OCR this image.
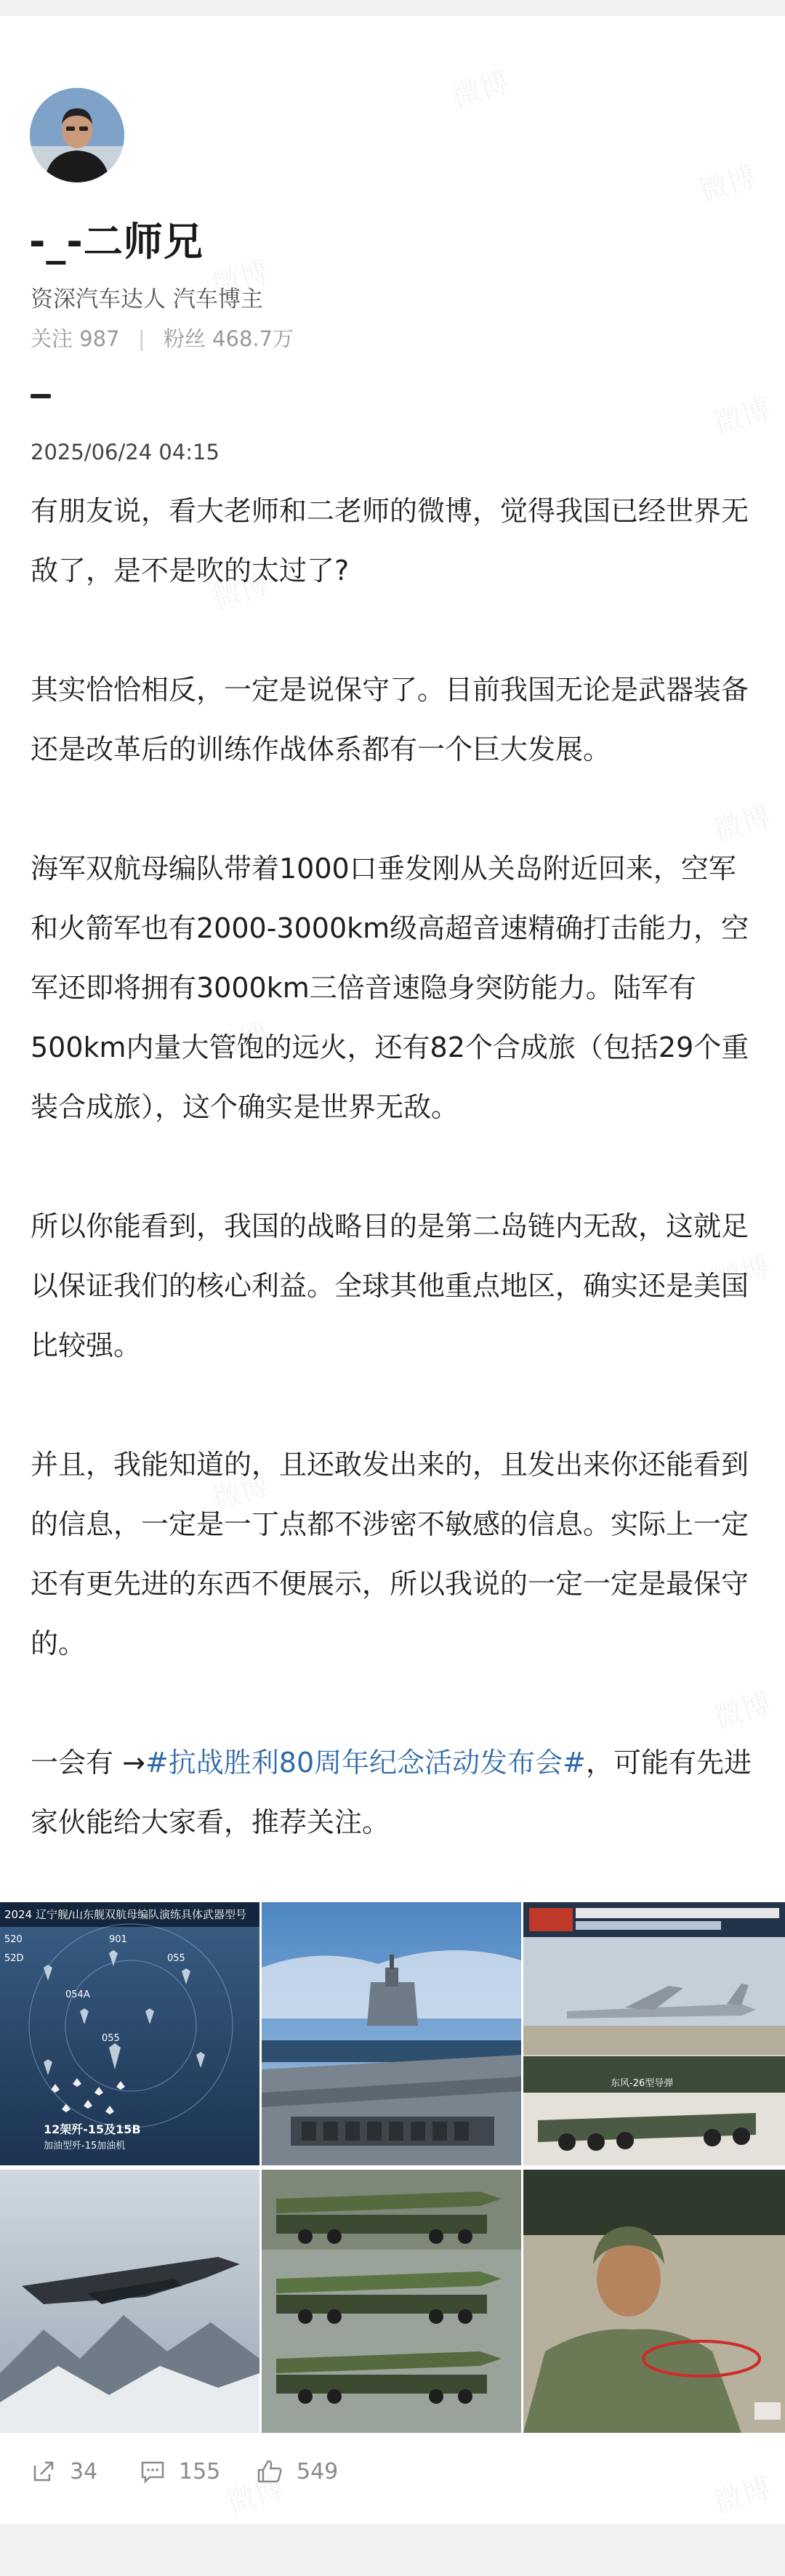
-_-二师兄
资深汽车达人 汽车博主
关注 987 | 粉丝 468.7万
2025/06/24 04:15

有朋友说，看大老师和二老师的微博，觉得我国已经世界无敌了，是不是吹的太过了?

其实恰恰相反，一定是说保守了。目前我国无论是武器装备还是改革后的训练作战体系都有一个巨大发展。

海军双航母编队带着1000口垂发刚从关岛附近回来，空军和火箭军也有2000-3000km级高超音速精确打击能力，空军还即将拥有3000km三倍音速隐身突防能力。陆军有500km内量大管饱的远火，还有82个合成旅（包括29个重装合成旅），这个确实是世界无敌。

所以你能看到，我国的战略目的是第二岛链内无敌，这就足以保证我们的核心利益。全球其他重点地区，确实还是美国比较强。

并且，我能知道的，且还敢发出来的，且发出来你还能看到的信息，一定是一丁点都不涉密不敏感的信息。实际上一定还有更先进的东西不便展示，所以我说的一定一定是最保守的。

一会有 →#抗战胜利80周年纪念活动发布会#，可能有先进家伙能给大家看，推荐关注。

2024 辽宁舰/山东舰双航母编队演练具体武器型号
520	901
055
054A
055
52D
12架歼-15及15B
加油型歼-15加油机
东风-26型导弹
34	155	549
